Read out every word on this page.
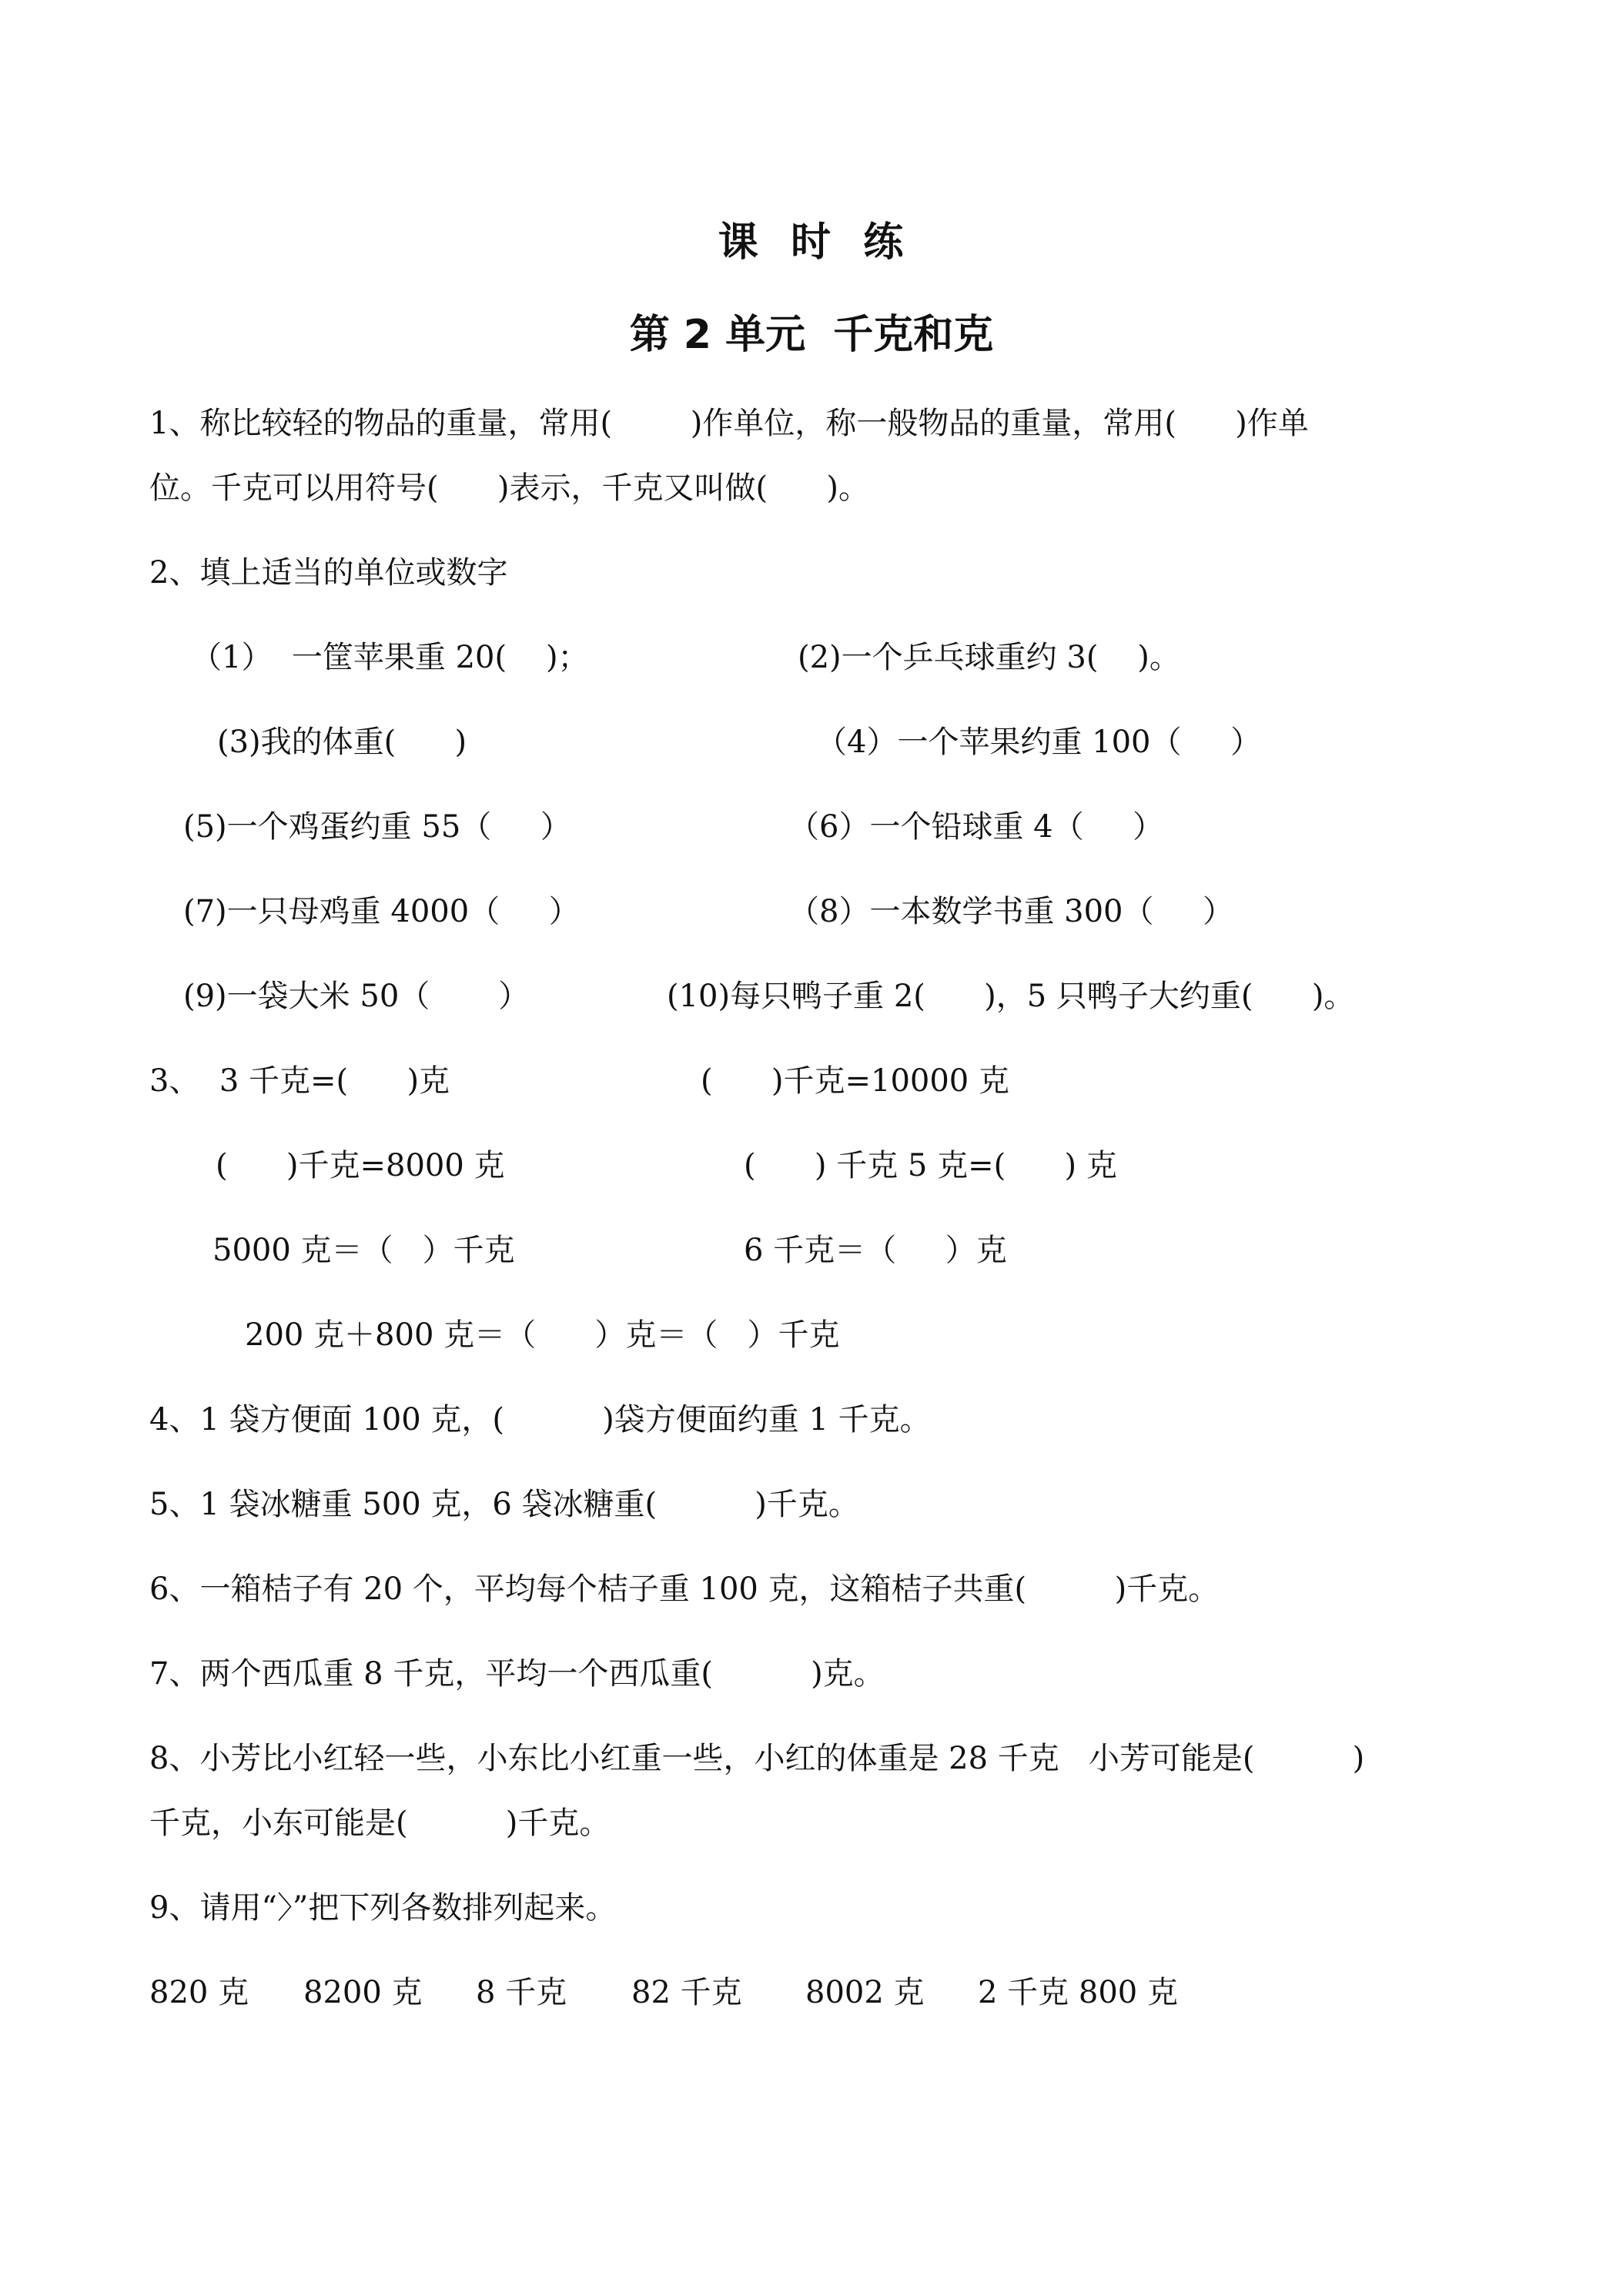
课  时  练
第 2 单元  千克和克
1、称比较轻的物品的重量，常用(        )作单位，称一般物品的重量，常用(      )作单
位。千克可以用符号(      )表示，千克又叫做(      )。
2、填上适当的单位或数字
（1）  一筐苹果重 20(    )；	(2)一个乒乓球重约 3(    )。
(3)我的体重(      )	（4）一个苹果约重 100（     ）
(5)一个鸡蛋约重 55（     ）	（6）一个铅球重 4（     ）
(7)一只母鸡重 4000（     ）	（8）一本数学书重 300（     ）
(9)一袋大米 50（       ）	(10)每只鸭子重 2(      )，5 只鸭子大约重(      )。
3、  3 千克=(      )克	(      )千克=10000 克
(      )千克=8000 克	(      ) 千克 5 克=(      ) 克
5000 克＝（   ）千克	6 千克＝（     ）克
200 克＋800 克＝（      ）克＝（   ）千克
4、1 袋方便面 100 克，(          )袋方便面约重 1 千克。
5、1 袋冰糖重 500 克，6 袋冰糖重(          )千克。
6、一箱桔子有 20 个，平均每个桔子重 100 克，这箱桔子共重(         )千克。
7、两个西瓜重 8 千克，平均一个西瓜重(          )克。
8、小芳比小红轻一些，小东比小红重一些，小红的体重是 28 千克   小芳可能是(          )
千克，小东可能是(          )千克。
9、请用“〉”把下列各数排列起来。
820 克 8200 克 8 千克 82 千克 8002 克 2 千克 800 克
